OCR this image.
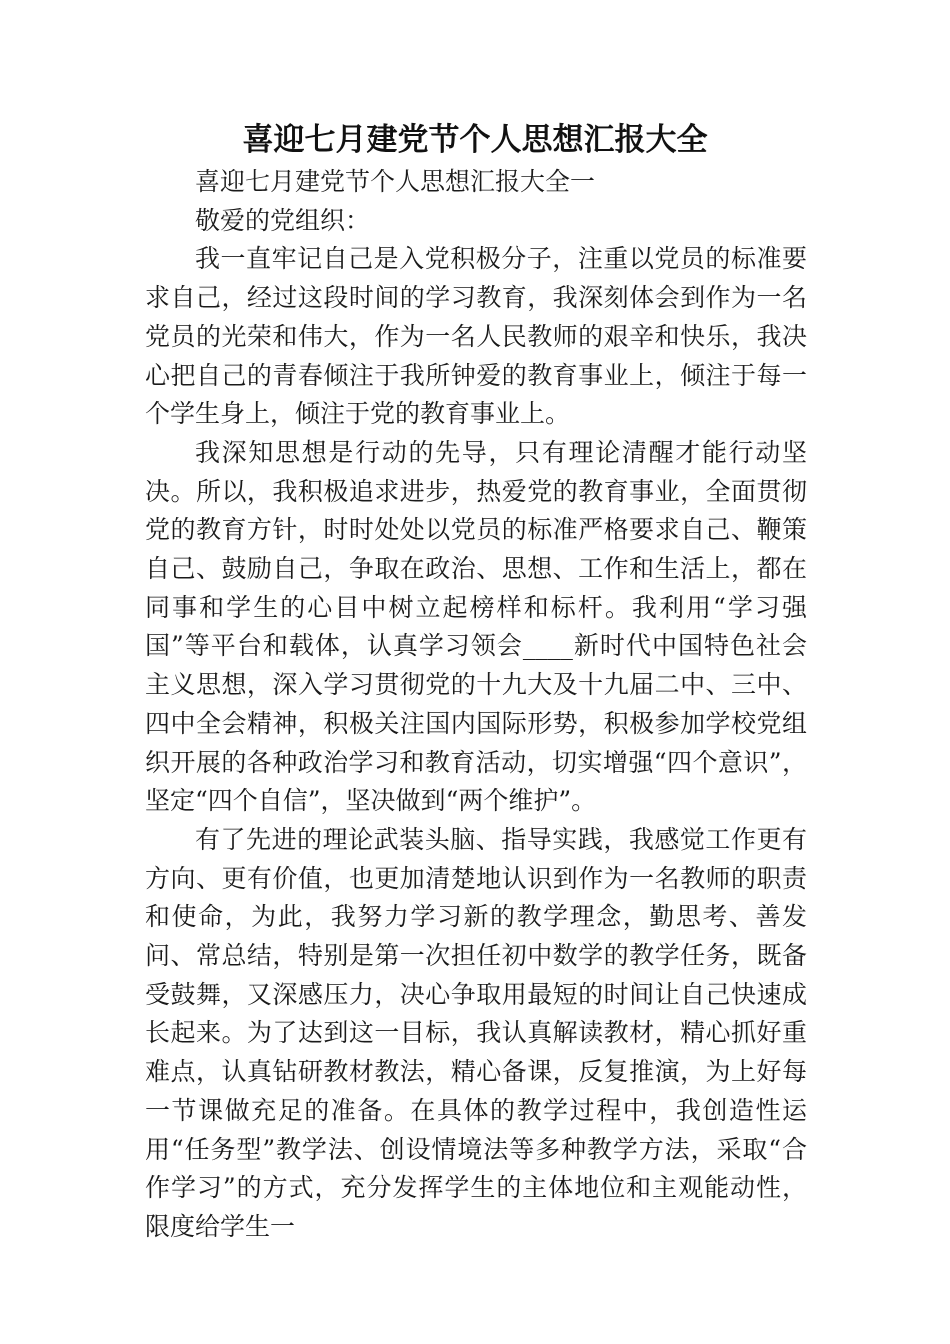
喜迎七月建党节个人思想汇报大全

喜迎七月建党节个人思想汇报大全一

敬爱的党组织：

我一直牢记自己是入党积极分子，注重以党员的标准要求自己，经过这段时间的学习教育，我深刻体会到作为一名党员的光荣和伟大，作为一名人民教师的艰辛和快乐，我决心把自己的青春倾注于我所钟爱的教育事业上，倾注于每一个学生身上，倾注于党的教育事业上。

我深知思想是行动的先导，只有理论清醒才能行动坚决。所以，我积极追求进步，热爱党的教育事业，全面贯彻党的教育方针，时时处处以党员的标准严格要求自己、鞭策自己、鼓励自己，争取在政治、思想、工作和生活上，都在同事和学生的心目中树立起榜样和标杆。我利用“学习强国”等平台和载体，认真学习领会____新时代中国特色社会主义思想，深入学习贯彻党的十九大及十九届二中、三中、四中全会精神，积极关注国内国际形势，积极参加学校党组织开展的各种政治学习和教育活动，切实增强“四个意识”，坚定“四个自信”，坚决做到“两个维护”。

有了先进的理论武装头脑、指导实践，我感觉工作更有方向、更有价值，也更加清楚地认识到作为一名教师的职责和使命，为此，我努力学习新的教学理念，勤思考、善发问、常总结，特别是第一次担任初中数学的教学任务，既备受鼓舞，又深感压力，决心争取用最短的时间让自己快速成长起来。为了达到这一目标，我认真解读教材，精心抓好重难点，认真钻研教材教法，精心备课，反复推演，为上好每一节课做充足的准备。在具体的教学过程中，我创造性运用“任务型”教学法、创设情境法等多种教学方法，采取“合作学习”的方式，充分发挥学生的主体地位和主观能动性，限度给学生一
